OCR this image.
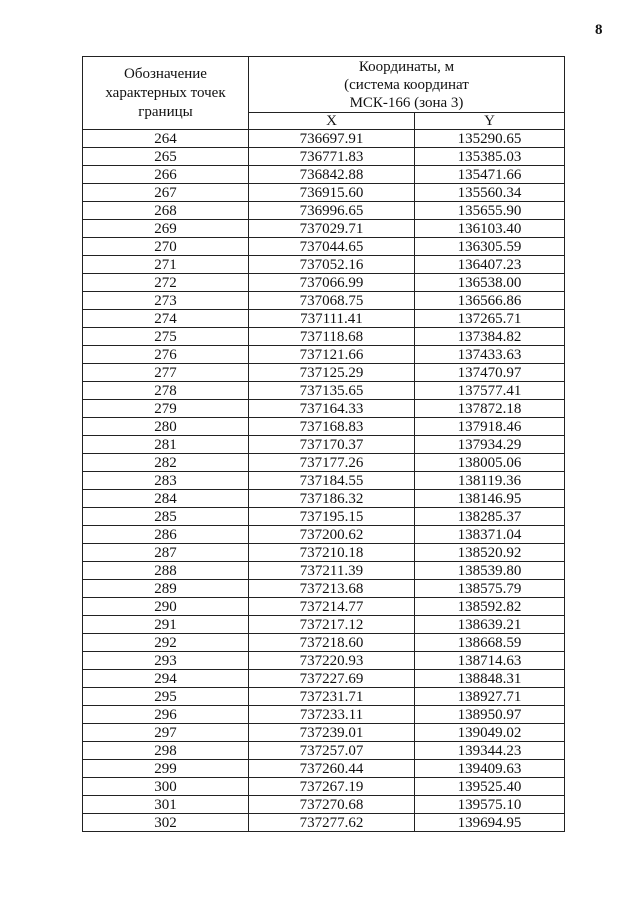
8
Обозначение характерных точек границы	Координаты, м
(система координат
МСК-166 (зона 3)	

	X	Y
264	736697.91	135290.65
265	736771.83	135385.03
266	736842.88	135471.66
267	736915.60	135560.34
268	736996.65	135655.90
269	737029.71	136103.40
270	737044.65	136305.59
271	737052.16	136407.23
272	737066.99	136538.00
273	737068.75	136566.86
274	737111.41	137265.71
275	737118.68	137384.82
276	737121.66	137433.63
277	737125.29	137470.97
278	737135.65	137577.41
279	737164.33	137872.18
280	737168.83	137918.46
281	737170.37	137934.29
282	737177.26	138005.06
283	737184.55	138119.36
284	737186.32	138146.95
285	737195.15	138285.37
286	737200.62	138371.04
287	737210.18	138520.92
288	737211.39	138539.80
289	737213.68	138575.79
290	737214.77	138592.82
291	737217.12	138639.21
292	737218.60	138668.59
293	737220.93	138714.63
294	737227.69	138848.31
295	737231.71	138927.71
296	737233.11	138950.97
297	737239.01	139049.02
298	737257.07	139344.23
299	737260.44	139409.63
300	737267.19	139525.40
301	737270.68	139575.10
302	737277.62	139694.95
